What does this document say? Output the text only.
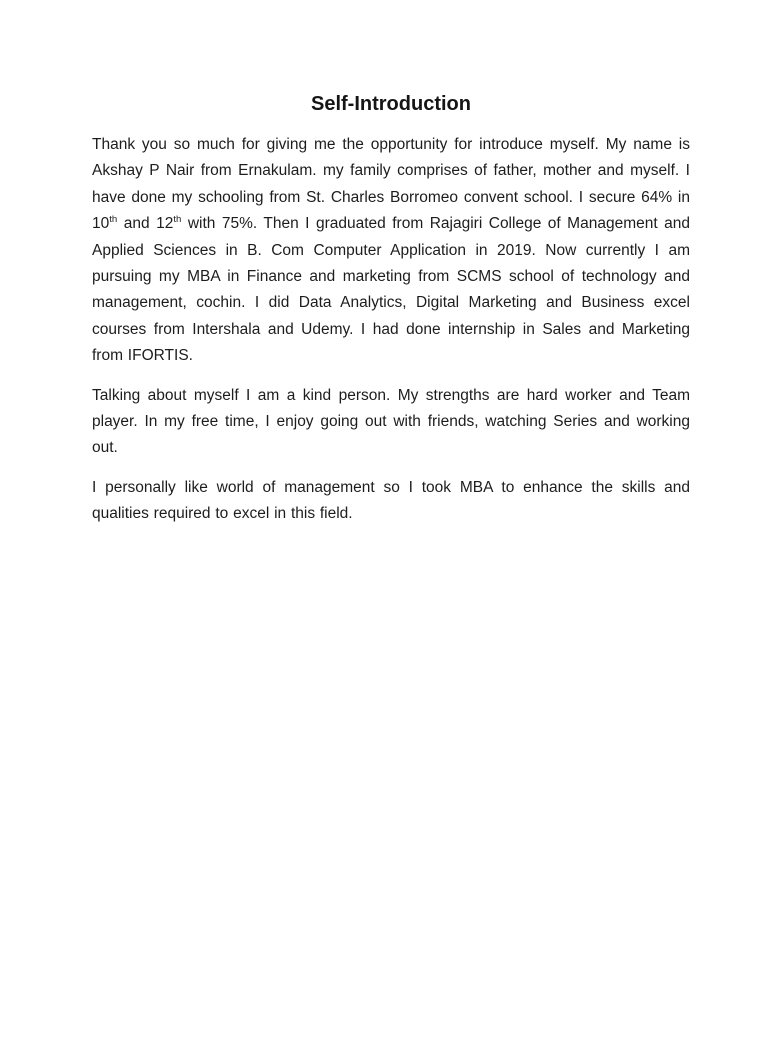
Self-Introduction

Thank you so much for giving me the opportunity for introduce myself. My name is Akshay P Nair from Ernakulam. my family comprises of father, mother and myself. I have done my schooling from St. Charles Borromeo convent school. I secure 64% in 10th and 12th with 75%. Then I graduated from Rajagiri College of Management and Applied Sciences in B. Com Computer Application in 2019. Now currently I am pursuing my MBA in Finance and marketing from SCMS school of technology and management, cochin. I did Data Analytics, Digital Marketing and Business excel courses from Intershala and Udemy. I had done internship in Sales and Marketing from IFORTIS.

Talking about myself I am a kind person. My strengths are hard worker and Team player. In my free time, I enjoy going out with friends, watching Series and working out.

I personally like world of management so I took MBA to enhance the skills and qualities required to excel in this field.
